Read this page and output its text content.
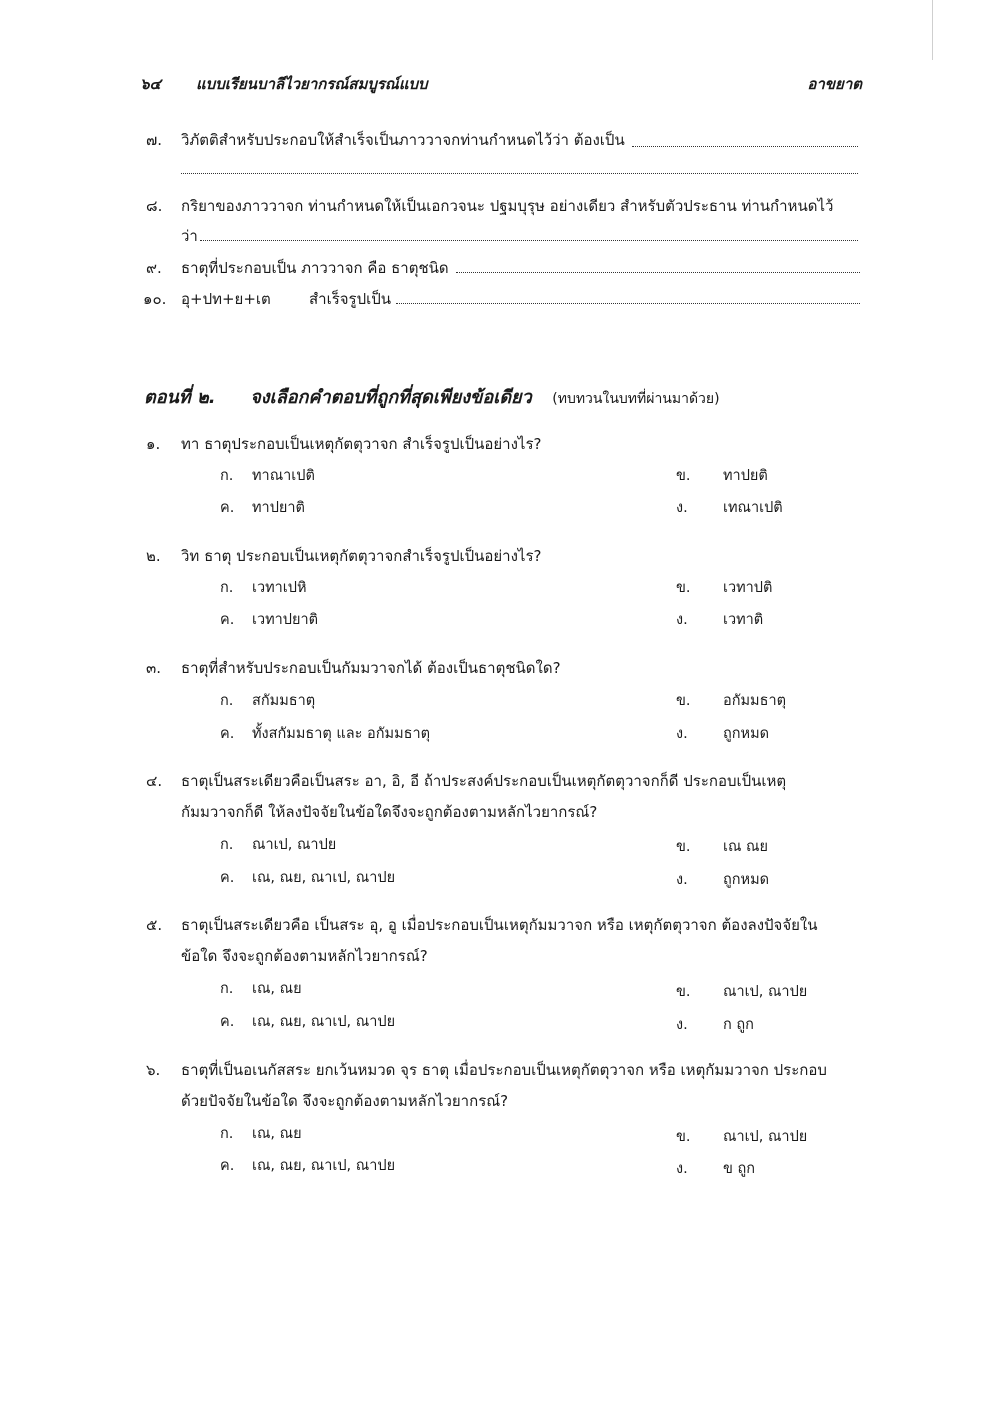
๖๔ แบบเรียนบาลีไวยากรณ์สมบูรณ์แบบ	อาขยาต
๗. วิภัตติสำหรับประกอบให้สำเร็จเป็นภาววาจกท่านกำหนดไว้ว่า ต้องเป็น
๘. กริยาของภาววาจก ท่านกำหนดให้เป็นเอกวจนะ ปฐมบุรุษ อย่างเดียว สำหรับตัวประธาน ท่านกำหนดไว้
ว่า
๙. ธาตุที่ประกอบเป็น ภาววาจก คือ ธาตุชนิด
๑๐. อุ+ปท+ย+เต	สำเร็จรูปเป็น
ตอนที่ ๒. จงเลือกคำตอบที่ถูกที่สุดเพียงข้อเดียว (ทบทวนในบทที่ผ่านมาด้วย)
๑. ทา ธาตุประกอบเป็นเหตุกัตตุวาจก สำเร็จรูปเป็นอย่างไร?
ก. ทาณาเปติ	ข. ทาปยติ
ค. ทาปยาติ	ง. เทณาเปติ
๒. วิท ธาตุ ประกอบเป็นเหตุกัตตุวาจกสำเร็จรูปเป็นอย่างไร?
ก. เวทาเปหิ	ข. เวทาปติ
ค. เวทาปยาติ	ง. เวทาติ
๓. ธาตุที่สำหรับประกอบเป็นกัมมวาจกได้ ต้องเป็นธาตุชนิดใด?
ก. สกัมมธาตุ	ข. อกัมมธาตุ
ค. ทั้งสกัมมธาตุ และ อกัมมธาตุ	ง. ถูกหมด
๔. ธาตุเป็นสระเดียวคือเป็นสระ อา, อิ, อี ถ้าประสงค์ประกอบเป็นเหตุกัตตุวาจกก็ดี ประกอบเป็นเหตุ
กัมมวาจกก็ดี ให้ลงปัจจัยในข้อใดจึงจะถูกต้องตามหลักไวยากรณ์?
ก. ณาเป, ณาปย	ข. เณ ณย
ค. เณ, ณย, ณาเป, ณาปย	ง. ถูกหมด
๕. ธาตุเป็นสระเดียวคือ เป็นสระ อุ, อู เมื่อประกอบเป็นเหตุกัมมวาจก หรือ เหตุกัตตุวาจก ต้องลงปัจจัยใน
ข้อใด จึงจะถูกต้องตามหลักไวยากรณ์?
ก. เณ, ณย	ข. ณาเป, ณาปย
ค. เณ, ณย, ณาเป, ณาปย	ง. ก ถูก
๖. ธาตุที่เป็นอเนกัสสระ ยกเว้นหมวด จุร ธาตุ เมื่อประกอบเป็นเหตุกัตตุวาจก หรือ เหตุกัมมวาจก ประกอบ
ด้วยปัจจัยในข้อใด จึงจะถูกต้องตามหลักไวยากรณ์?
ก. เณ, ณย	ข. ณาเป, ณาปย
ค. เณ, ณย, ณาเป, ณาปย	ง. ข ถูก
